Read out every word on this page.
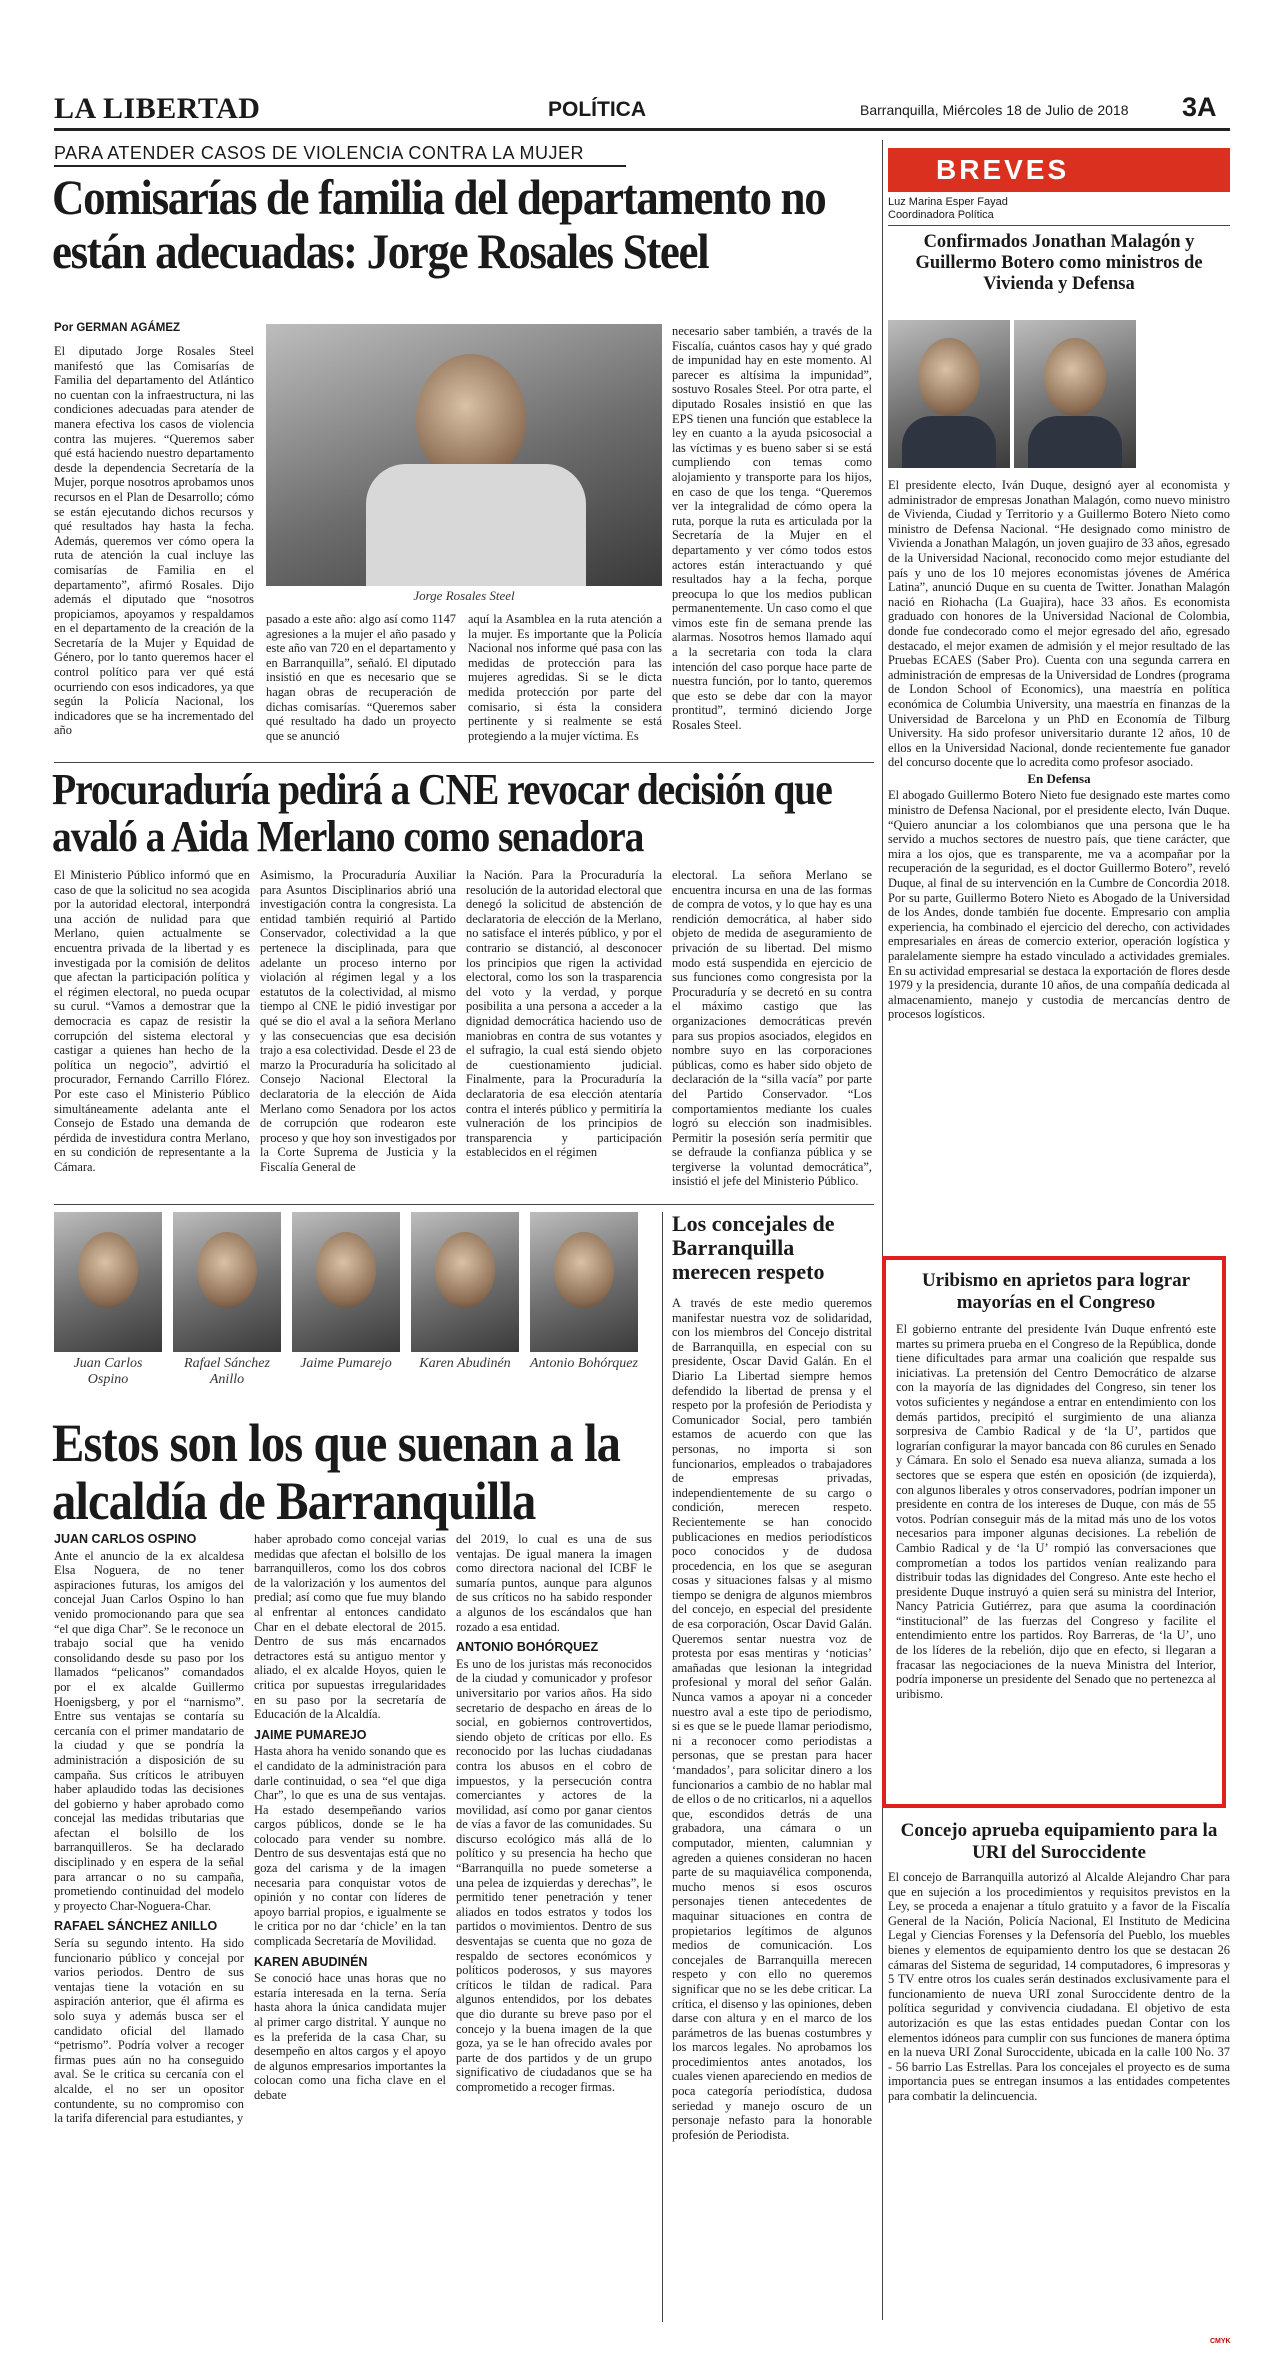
LA LIBERTAD	POLÍTICA	Barranquilla, Miércoles 18 de Julio de 2018 3A
PARA ATENDER CASOS DE VIOLENCIA CONTRA LA MUJER
Comisarías de familia del departamento no están adecuadas: Jorge Rosales Steel
Por GERMAN AGÁMEZ

El diputado Jorge Rosales Steel manifestó que las Comisarías de Familia del departamento del Atlántico no cuentan con la infraestructura, ni las condiciones adecuadas para atender de manera efectiva los casos de violencia contra las mujeres. “Queremos saber qué está haciendo nuestro departamento desde la dependencia Secretaría de la Mujer, porque nosotros aprobamos unos recursos en el Plan de Desarrollo; cómo se están ejecutando dichos recursos y qué resultados hay hasta la fecha. Además, queremos ver cómo opera la ruta de atención la cual incluye las comisarías de Familia en el departamento”, afirmó Rosales. Dijo además el diputado que “nosotros propiciamos, apoyamos y respaldamos en el departamento de la creación de la Secretaría de la Mujer y Equidad de Género, por lo tanto queremos hacer el control político para ver qué está ocurriendo con esos indicadores, ya que según la Policía Nacional, los indicadores que se ha incrementado del año

Jorge Rosales Steel

pasado a este año: algo así como 1147 agresiones a la mujer el año pasado y este año van 720 en el departamento y en Barranquilla”, señaló. El diputado insistió en que es necesario que se hagan obras de recuperación de dichas comisarías. “Queremos saber qué resultado ha dado un proyecto que se anunció

aquí la Asamblea en la ruta atención a la mujer. Es importante que la Policía Nacional nos informe qué pasa con las medidas de protección para las mujeres agredidas. Si se le dicta medida protección por parte del comisario, si ésta la considera pertinente y si realmente se está protegiendo a la mujer víctima. Es

necesario saber también, a través de la Fiscalía, cuántos casos hay y qué grado de impunidad hay en este momento. Al parecer es altísima la impunidad”, sostuvo Rosales Steel. Por otra parte, el diputado Rosales insistió en que las EPS tienen una función que establece la ley en cuanto a la ayuda psicosocial a las víctimas y es bueno saber si se está cumpliendo con temas como alojamiento y transporte para los hijos, en caso de que los tenga. “Queremos ver la integralidad de cómo opera la ruta, porque la ruta es articulada por la Secretaría de la Mujer en el departamento y ver cómo todos estos actores están interactuando y qué resultados hay a la fecha, porque preocupa lo que los medios publican permanentemente. Un caso como el que vimos este fin de semana prende las alarmas. Nosotros hemos llamado aquí a la secretaria con toda la clara intención del caso porque hace parte de nuestra función, por lo tanto, queremos que esto se debe dar con la mayor prontitud”, terminó diciendo Jorge Rosales Steel.

Procuraduría pedirá a CNE revocar decisión que avaló a Aida Merlano como senadora

El Ministerio Público informó que en caso de que la solicitud no sea acogida por la autoridad electoral, interpondrá una acción de nulidad para que Merlano, quien actualmente se encuentra privada de la libertad y es investigada por la comisión de delitos que afectan la participación política y el régimen electoral, no pueda ocupar su curul. “Vamos a demostrar que la democracia es capaz de resistir la corrupción del sistema electoral y castigar a quienes han hecho de la política un negocio”, advirtió el procurador, Fernando Carrillo Flórez. Por este caso el Ministerio Público simultáneamente adelanta ante el Consejo de Estado una demanda de pérdida de investidura contra Merlano, en su condición de representante a la Cámara.

Asimismo, la Procuraduría Auxiliar para Asuntos Disciplinarios abrió una investigación contra la congresista. La entidad también requirió al Partido Conservador, colectividad a la que pertenece la disciplinada, para que adelante un proceso interno por violación al régimen legal y a los estatutos de la colectividad, al mismo tiempo al CNE le pidió investigar por qué se dio el aval a la señora Merlano y las consecuencias que esa decisión trajo a esa colectividad. Desde el 23 de marzo la Procuraduría ha solicitado al Consejo Nacional Electoral la declaratoria de la elección de Aida Merlano como Senadora por los actos de corrupción que rodearon este proceso y que hoy son investigados por la Corte Suprema de Justicia y la Fiscalía General de

la Nación. Para la Procuraduría la resolución de la autoridad electoral que denegó la solicitud de abstención de declaratoria de elección de la Merlano, no satisface el interés público, y por el contrario se distanció, al desconocer los principios que rigen la actividad electoral, como los son la trasparencia del voto y la verdad, y porque posibilita a una persona a acceder a la dignidad democrática haciendo uso de maniobras en contra de sus votantes y el sufragio, la cual está siendo objeto de cuestionamiento judicial. Finalmente, para la Procuraduría la declaratoria de esa elección atentaría contra el interés público y permitiría la vulneración de los principios de transparencia y participación establecidos en el régimen

electoral. La señora Merlano se encuentra incursa en una de las formas de compra de votos, y lo que hay es una rendición democrática, al haber sido objeto de medida de aseguramiento de privación de su libertad. Del mismo modo está suspendida en ejercicio de sus funciones como congresista por la Procuraduría y se decretó en su contra el máximo castigo que las organizaciones democráticas prevén para sus propios asociados, elegidos en nombre suyo en las corporaciones públicas, como es haber sido objeto de declaración de la “silla vacía” por parte del Partido Conservador. “Los comportamientos mediante los cuales logró su elección son inadmisibles. Permitir la posesión sería permitir que se defraude la confianza pública y se tergiverse la voluntad democrática”, insistió el jefe del Ministerio Público.

Juan Carlos Ospino
Rafael Sánchez Anillo
Jaime Pumarejo	Karen Abudinén	Antonio Bohórquez
Estos son los que suenan a la alcaldía de Barranquilla
JUAN CARLOS OSPINO

Ante el anuncio de la ex alcaldesa Elsa Noguera, de no tener aspiraciones futuras, los amigos del concejal Juan Carlos Ospino lo han venido promocionando para que sea “el que diga Char”. Se le reconoce un trabajo social que ha venido consolidando desde su paso por los llamados “pelicanos” comandados por el ex alcalde Guillermo Hoenigsberg, y por el “narnismo”. Entre sus ventajas se contaría su cercanía con el primer mandatario de la ciudad y que se pondría la administración a disposición de su campaña. Sus críticos le atribuyen haber aplaudido todas las decisiones del gobierno y haber aprobado como concejal las medidas tributarias que afectan el bolsillo de los barranquilleros. Se ha declarado disciplinado y en espera de la señal para arrancar o no su campaña, prometiendo continuidad del modelo y proyecto Char-Noguera-Char.

RAFAEL SÁNCHEZ ANILLO

Sería su segundo intento. Ha sido funcionario público y concejal por varios periodos. Dentro de sus ventajas tiene la votación en su aspiración anterior, que él afirma es solo suya y además busca ser el candidato oficial del llamado “petrismo”. Podría volver a recoger firmas pues aún no ha conseguido aval. Se le critica su cercanía con el alcalde, el no ser un opositor contundente, su no compromiso con la tarifa diferencial para estudiantes, y

haber aprobado como concejal varias medidas que afectan el bolsillo de los barranquilleros, como los dos cobros de la valorización y los aumentos del predial; así como que fue muy blando al enfrentar al entonces candidato Char en el debate electoral de 2015. Dentro de sus más encarnados detractores está su antiguo mentor y aliado, el ex alcalde Hoyos, quien le critica por supuestas irregularidades en su paso por la secretaría de Educación de la Alcaldía.

JAIME PUMAREJO

Hasta ahora ha venido sonando que es el candidato de la administración para darle continuidad, o sea “el que diga Char”, lo que es una de sus ventajas. Ha estado desempeñando varios cargos públicos, donde se le ha colocado para vender su nombre. Dentro de sus desventajas está que no goza del carisma y de la imagen necesaria para conquistar votos de opinión y no contar con líderes de apoyo barrial propios, e igualmente se le critica por no dar ‘chicle’ en la tan complicada Secretaría de Movilidad.

KAREN ABUDINÉN

Se conoció hace unas horas que no estaría interesada en la terna. Sería hasta ahora la única candidata mujer al primer cargo distrital. Y aunque no es la preferida de la casa Char, su desempeño en altos cargos y el apoyo de algunos empresarios importantes la colocan como una ficha clave en el debate

del 2019, lo cual es una de sus ventajas. De igual manera la imagen como directora nacional del ICBF le sumaría puntos, aunque para algunos de sus críticos no ha sabido responder a algunos de los escándalos que han rozado a esa entidad.

ANTONIO BOHÓRQUEZ

Es uno de los juristas más reconocidos de la ciudad y comunicador y profesor universitario por varios años. Ha sido secretario de despacho en áreas de lo social, en gobiernos controvertidos, siendo objeto de críticas por ello. Es reconocido por las luchas ciudadanas contra los abusos en el cobro de impuestos, y la persecución contra comerciantes y actores de la movilidad, así como por ganar cientos de vías a favor de las comunidades. Su discurso ecológico más allá de lo político y su presencia ha hecho que “Barranquilla no puede someterse a una pelea de izquierdas y derechas”, le permitido tener penetración y tener aliados en todos estratos y todos los partidos o movimientos. Dentro de sus desventajas se cuenta que no goza de respaldo de sectores económicos y políticos poderosos, y sus mayores críticos le tildan de radical. Para algunos entendidos, por los debates que dio durante su breve paso por el concejo y la buena imagen de la que goza, ya se le han ofrecido avales por parte de dos partidos y de un grupo significativo de ciudadanos que se ha comprometido a recoger firmas.

Los concejales de Barranquilla merecen respeto

A través de este medio queremos manifestar nuestra voz de solidaridad, con los miembros del Concejo distrital de Barranquilla, en especial con su presidente, Oscar David Galán. En el Diario La Libertad siempre hemos defendido la libertad de prensa y el respeto por la profesión de Periodista y Comunicador Social, pero también estamos de acuerdo con que las personas, no importa si son funcionarios, empleados o trabajadores de empresas privadas, independientemente de su cargo o condición, merecen respeto. Recientemente se han conocido publicaciones en medios periodísticos poco conocidos y de dudosa procedencia, en los que se aseguran cosas y situaciones falsas y al mismo tiempo se denigra de algunos miembros del concejo, en especial del presidente de esa corporación, Oscar David Galán. Queremos sentar nuestra voz de protesta por esas mentiras y ‘noticias’ amañadas que lesionan la integridad profesional y moral del señor Galán. Nunca vamos a apoyar ni a conceder nuestro aval a este tipo de periodismo, si es que se le puede llamar periodismo, ni a reconocer como periodistas a personas, que se prestan para hacer ‘mandados’, para solicitar dinero a los funcionarios a cambio de no hablar mal de ellos o de no criticarlos, ni a aquellos que, escondidos detrás de una grabadora, una cámara o un computador, mienten, calumnian y agreden a quienes consideran no hacen parte de su maquiavélica componenda, mucho menos si esos oscuros personajes tienen antecedentes de maquinar situaciones en contra de propietarios legítimos de algunos medios de comunicación. Los concejales de Barranquilla merecen respeto y con ello no queremos significar que no se les debe criticar. La crítica, el disenso y las opiniones, deben darse con altura y en el marco de los parámetros de las buenas costumbres y los marcos legales. No aprobamos los procedimientos antes anotados, los cuales vienen apareciendo en medios de poca categoría periodística, dudosa seriedad y manejo oscuro de un personaje nefasto para la honorable profesión de Periodista.

BREVES
Luz Marina Esper Fayad
Coordinadora Política
Confirmados Jonathan Malagón y Guillermo Botero como ministros de Vivienda y Defensa

El presidente electo, Iván Duque, designó ayer al economista y administrador de empresas Jonathan Malagón, como nuevo ministro de Vivienda, Ciudad y Territorio y a Guillermo Botero Nieto como ministro de Defensa Nacional. “He designado como ministro de Vivienda a Jonathan Malagón, un joven guajiro de 33 años, egresado de la Universidad Nacional, reconocido como mejor estudiante del país y uno de los 10 mejores economistas jóvenes de América Latina”, anunció Duque en su cuenta de Twitter. Jonathan Malagón nació en Riohacha (La Guajira), hace 33 años. Es economista graduado con honores de la Universidad Nacional de Colombia, donde fue condecorado como el mejor egresado del año, egresado destacado, el mejor examen de admisión y el mejor resultado de las Pruebas ECAES (Saber Pro). Cuenta con una segunda carrera en administración de empresas de la Universidad de Londres (programa de London School of Economics), una maestría en política económica de Columbia University, una maestría en finanzas de la Universidad de Barcelona y un PhD en Economía de Tilburg University. Ha sido profesor universitario durante 12 años, 10 de ellos en la Universidad Nacional, donde recientemente fue ganador del concurso docente que lo acredita como profesor asociado.

En Defensa

El abogado Guillermo Botero Nieto fue designado este martes como ministro de Defensa Nacional, por el presidente electo, Iván Duque. “Quiero anunciar a los colombianos que una persona que le ha servido a muchos sectores de nuestro país, que tiene carácter, que mira a los ojos, que es transparente, me va a acompañar por la recuperación de la seguridad, es el doctor Guillermo Botero”, reveló Duque, al final de su intervención en la Cumbre de Concordia 2018. Por su parte, Guillermo Botero Nieto es Abogado de la Universidad de los Andes, donde también fue docente. Empresario con amplia experiencia, ha combinado el ejercicio del derecho, con actividades empresariales en áreas de comercio exterior, operación logística y paralelamente siempre ha estado vinculado a actividades gremiales. En su actividad empresarial se destaca la exportación de flores desde 1979 y la presidencia, durante 10 años, de una compañía dedicada al almacenamiento, manejo y custodia de mercancías dentro de procesos logísticos.

Uribismo en aprietos para lograr mayorías en el Congreso

El gobierno entrante del presidente Iván Duque enfrentó este martes su primera prueba en el Congreso de la República, donde tiene dificultades para armar una coalición que respalde sus iniciativas. La pretensión del Centro Democrático de alzarse con la mayoría de las dignidades del Congreso, sin tener los votos suficientes y negándose a entrar en entendimiento con los demás partidos, precipitó el surgimiento de una alianza sorpresiva de Cambio Radical y de ‘la U’, partidos que lograrían configurar la mayor bancada con 86 curules en Senado y Cámara. En solo el Senado esa nueva alianza, sumada a los sectores que se espera que estén en oposición (de izquierda), con algunos liberales y otros conservadores, podrían imponer un presidente en contra de los intereses de Duque, con más de 55 votos. Podrían conseguir más de la mitad más uno de los votos necesarios para imponer algunas decisiones. La rebelión de Cambio Radical y de ‘la U’ rompió las conversaciones que comprometían a todos los partidos venían realizando para distribuir todas las dignidades del Congreso. Ante este hecho el presidente Duque instruyó a quien será su ministra del Interior, Nancy Patricia Gutiérrez, para que asuma la coordinación “institucional” de las fuerzas del Congreso y facilite el entendimiento entre los partidos. Roy Barreras, de ‘la U’, uno de los líderes de la rebelión, dijo que en efecto, si llegaran a fracasar las negociaciones de la nueva Ministra del Interior, podría imponerse un presidente del Senado que no pertenezca al uribismo.

Concejo aprueba equipamiento para la URI del Suroccidente

El concejo de Barranquilla autorizó al Alcalde Alejandro Char para que en sujeción a los procedimientos y requisitos previstos en la Ley, se proceda a enajenar a título gratuito y a favor de la Fiscalía General de la Nación, Policía Nacional, El Instituto de Medicina Legal y Ciencias Forenses y la Defensoría del Pueblo, los muebles bienes y elementos de equipamiento dentro los que se destacan 26 cámaras del Sistema de seguridad, 14 computadores, 6 impresoras y 5 TV entre otros los cuales serán destinados exclusivamente para el funcionamiento de nueva URI zonal Suroccidente dentro de la política seguridad y convivencia ciudadana. El objetivo de esta autorización es que las estas entidades puedan Contar con los elementos idóneos para cumplir con sus funciones de manera óptima en la nueva URI Zonal Suroccidente, ubicada en la calle 100 No. 37 - 56 barrio Las Estrellas. Para los concejales el proyecto es de suma importancia pues se entregan insumos a las entidades competentes para combatir la delincuencia.

CMYK
